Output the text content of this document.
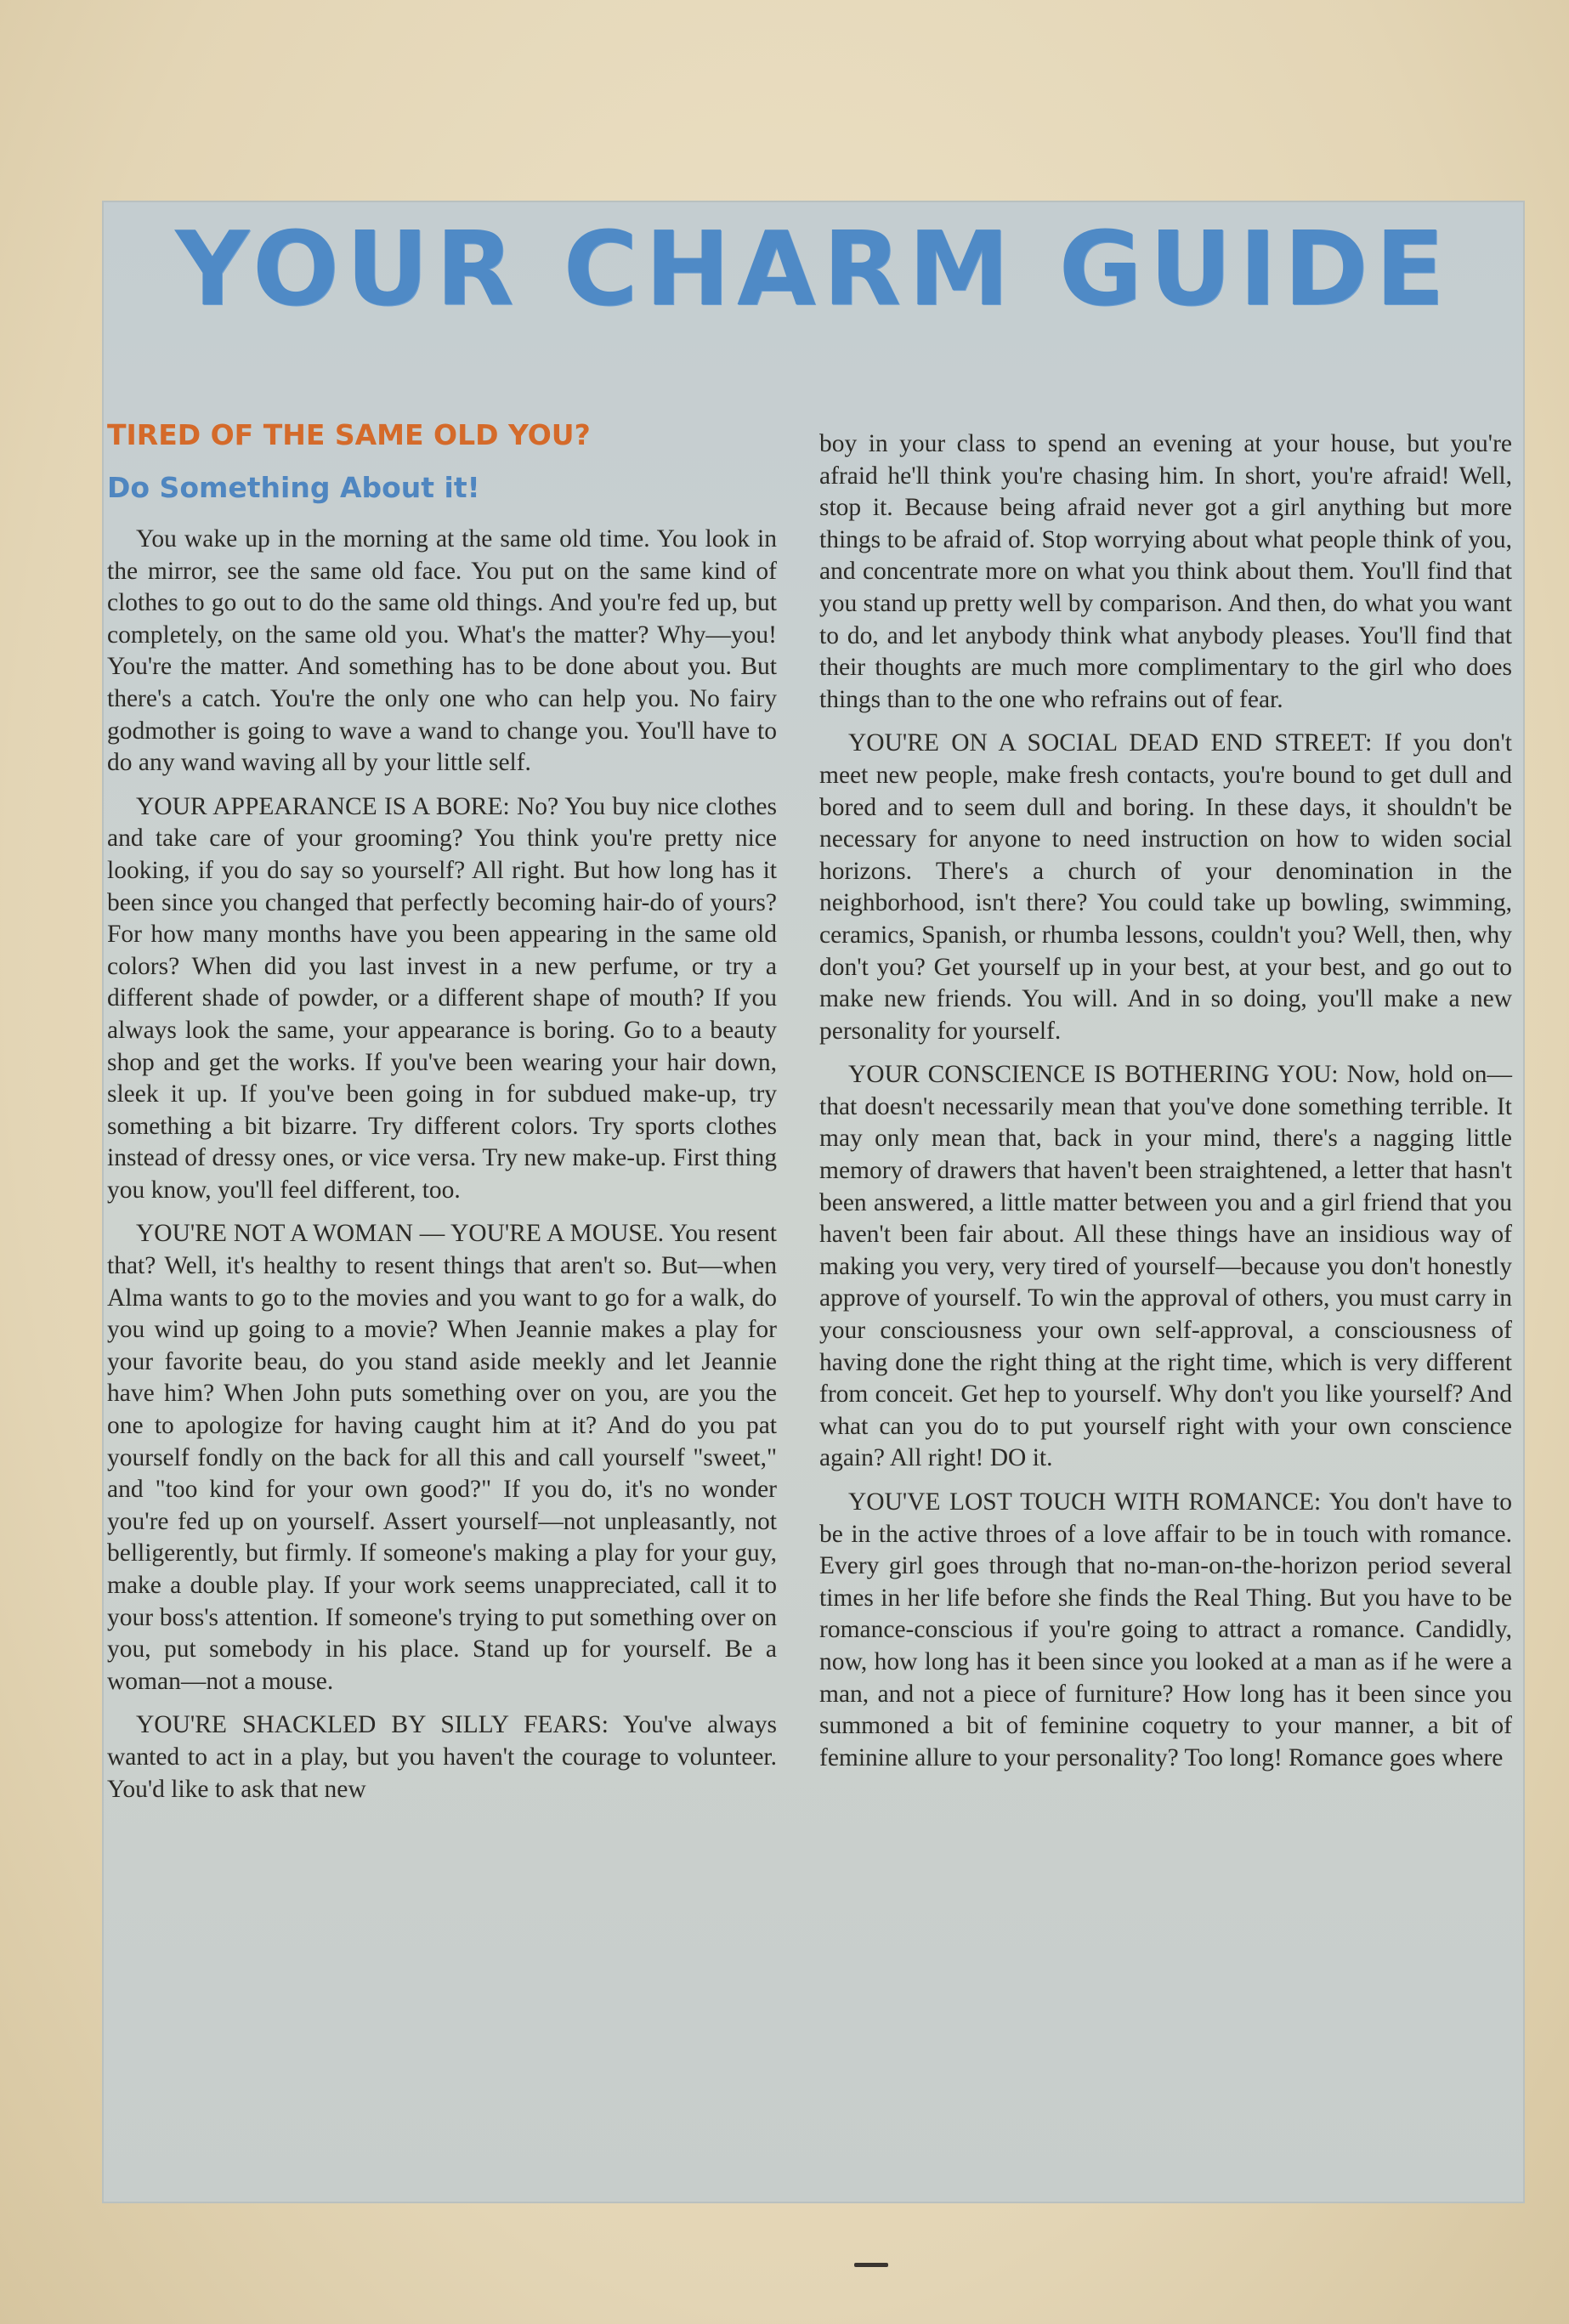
YOUR CHARM GUIDE
TIRED OF THE SAME OLD YOU?
Do Something About it!

You wake up in the morning at the same old time. You look in the mirror, see the same old face. You put on the same kind of clothes to go out to do the same old things. And you're fed up, but completely, on the same old you. What's the matter? Why—you! You're the matter. And something has to be done about you. But there's a catch. You're the only one who can help you. No fairy godmother is going to wave a wand to change you. You'll have to do any wand waving all by your little self.

YOUR APPEARANCE IS A BORE: No? You buy nice clothes and take care of your grooming? You think you're pretty nice looking, if you do say so yourself? All right. But how long has it been since you changed that perfectly becoming hair-do of yours? For how many months have you been appearing in the same old colors? When did you last invest in a new perfume, or try a different shade of powder, or a different shape of mouth? If you always look the same, your appearance is boring. Go to a beauty shop and get the works. If you've been wearing your hair down, sleek it up. If you've been going in for subdued make-up, try something a bit bizarre. Try different colors. Try sports clothes instead of dressy ones, or vice versa. Try new make-up. First thing you know, you'll feel different, too.

YOU'RE NOT A WOMAN — YOU'RE A MOUSE. You resent that? Well, it's healthy to resent things that aren't so. But—when Alma wants to go to the movies and you want to go for a walk, do you wind up going to a movie? When Jeannie makes a play for your favorite beau, do you stand aside meekly and let Jeannie have him? When John puts something over on you, are you the one to apologize for having caught him at it? And do you pat yourself fondly on the back for all this and call yourself "sweet," and "too kind for your own good?" If you do, it's no wonder you're fed up on yourself. Assert yourself—not unpleasantly, not belligerently, but firmly. If someone's making a play for your guy, make a double play. If your work seems unappreciated, call it to your boss's attention. If someone's trying to put something over on you, put somebody in his place. Stand up for yourself. Be a woman—not a mouse.

YOU'RE SHACKLED BY SILLY FEARS: You've always wanted to act in a play, but you haven't the courage to volunteer. You'd like to ask that new

boy in your class to spend an evening at your house, but you're afraid he'll think you're chasing him. In short, you're afraid! Well, stop it. Because being afraid never got a girl anything but more things to be afraid of. Stop worrying about what people think of you, and concentrate more on what you think about them. You'll find that you stand up pretty well by comparison. And then, do what you want to do, and let anybody think what anybody pleases. You'll find that their thoughts are much more complimentary to the girl who does things than to the one who refrains out of fear.

YOU'RE ON A SOCIAL DEAD END STREET: If you don't meet new people, make fresh contacts, you're bound to get dull and bored and to seem dull and boring. In these days, it shouldn't be necessary for anyone to need instruction on how to widen social horizons. There's a church of your denomination in the neighborhood, isn't there? You could take up bowling, swimming, ceramics, Spanish, or rhumba lessons, couldn't you? Well, then, why don't you? Get yourself up in your best, at your best, and go out to make new friends. You will. And in so doing, you'll make a new personality for yourself.

YOUR CONSCIENCE IS BOTHERING YOU: Now, hold on—that doesn't necessarily mean that you've done something terrible. It may only mean that, back in your mind, there's a nagging little memory of drawers that haven't been straightened, a letter that hasn't been answered, a little matter between you and a girl friend that you haven't been fair about. All these things have an insidious way of making you very, very tired of yourself—because you don't honestly approve of yourself. To win the approval of others, you must carry in your consciousness your own self-approval, a consciousness of having done the right thing at the right time, which is very different from conceit. Get hep to yourself. Why don't you like yourself? And what can you do to put yourself right with your own conscience again? All right! DO it.

YOU'VE LOST TOUCH WITH ROMANCE: You don't have to be in the active throes of a love affair to be in touch with romance. Every girl goes through that no-man-on-the-horizon period several times in her life before she finds the Real Thing. But you have to be romance-conscious if you're going to attract a romance. Candidly, now, how long has it been since you looked at a man as if he were a man, and not a piece of furniture? How long has it been since you summoned a bit of feminine coquetry to your manner, a bit of feminine allure to your personality? Too long! Romance goes where
